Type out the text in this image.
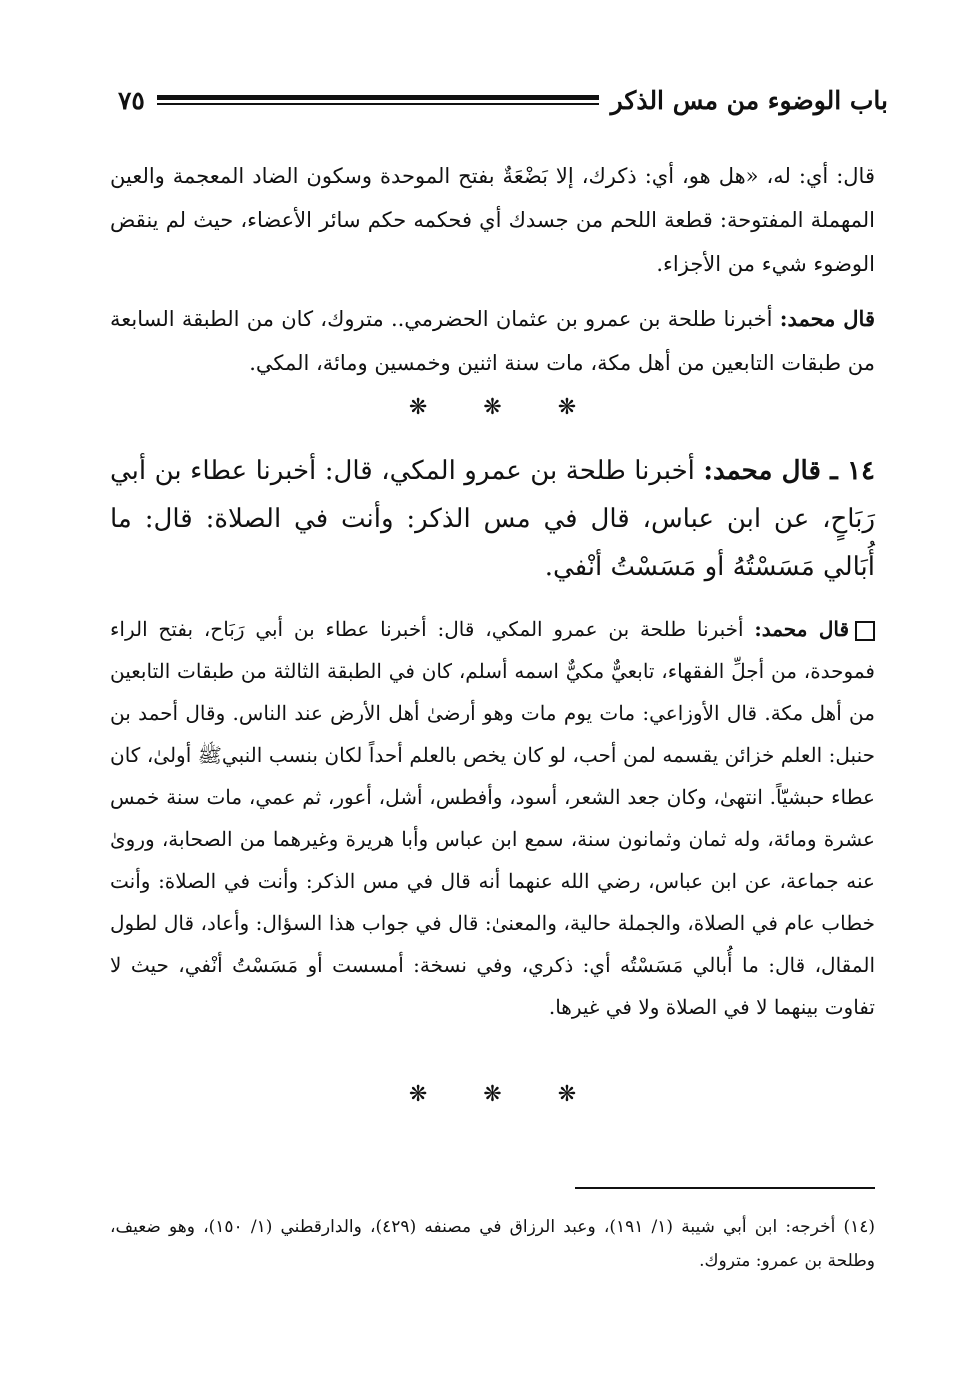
باب الوضوء من مس الذكر
٧٥
قال: أي: له، «هل هو، أي: ذكرك، إلا بَضْعَةٌ بفتح الموحدة وسكون الضاد المعجمة والعين المهملة المفتوحة: قطعة اللحم من جسدك أي فحكمه حكم سائر الأعضاء، حيث لم ينقض الوضوء شيء من الأجزاء.
قال محمد: أخبرنا طلحة بن عمرو بن عثمان الحضرمي.. متروك، كان من الطبقة السابعة من طبقات التابعين من أهل مكة، مات سنة اثنين وخمسين ومائة، المكي.
❋❋❋
١٤ ـ قال محمد: أخبرنا طلحة بن عمرو المكي، قال: أخبرنا عطاء بن أبي رَبَاحٍ، عن ابن عباس، قال في مس الذكر: وأنت في الصلاة: قال: ما أُبَالي مَسَسْتُهُ أو مَسَسْتُ أنْفي.
قال محمد: أخبرنا طلحة بن عمرو المكي، قال: أخبرنا عطاء بن أبي رَبَاح، بفتح الراء فموحدة، من أجلِّ الفقهاء، تابعيٌّ مكيٌّ اسمه أسلم، كان في الطبقة الثالثة من طبقات التابعين من أهل مكة. قال الأوزاعي: مات يوم مات وهو أرضىٰ أهل الأرض عند الناس. وقال أحمد بن حنبل: العلم خزائن يقسمه لمن أحب، لو كان يخص بالعلم أحداً لكان بنسب النبيﷺ أولىٰ، كان عطاء حبشيّاً. انتهىٰ، وكان جعد الشعر، أسود، وأفطس، أشل، أعور، ثم عمي، مات سنة خمس عشرة ومائة، وله ثمان وثمانون سنة، سمع ابن عباس وأبا هريرة وغيرهما من الصحابة، وروىٰ عنه جماعة، عن ابن عباس، رضي الله عنهما أنه قال في مس الذكر: وأنت في الصلاة: وأنت خطاب عام في الصلاة، والجملة حالية، والمعنىٰ: قال في جواب هذا السؤال: وأعاد، قال لطول المقال، قال: ما أُبالي مَسَسْتُه أي: ذكري، وفي نسخة: أمسست أو مَسَسْتُ أنْفي، حيث لا تفاوت بينهما لا في الصلاة ولا في غيرها.
❋❋❋
(١٤) أخرجه: ابن أبي شيبة (١/ ١٩١)، وعبد الرزاق في مصنفه (٤٢٩)، والدارقطني (١/ ١٥٠)، وهو ضعيف، وطلحة بن عمرو: متروك.
